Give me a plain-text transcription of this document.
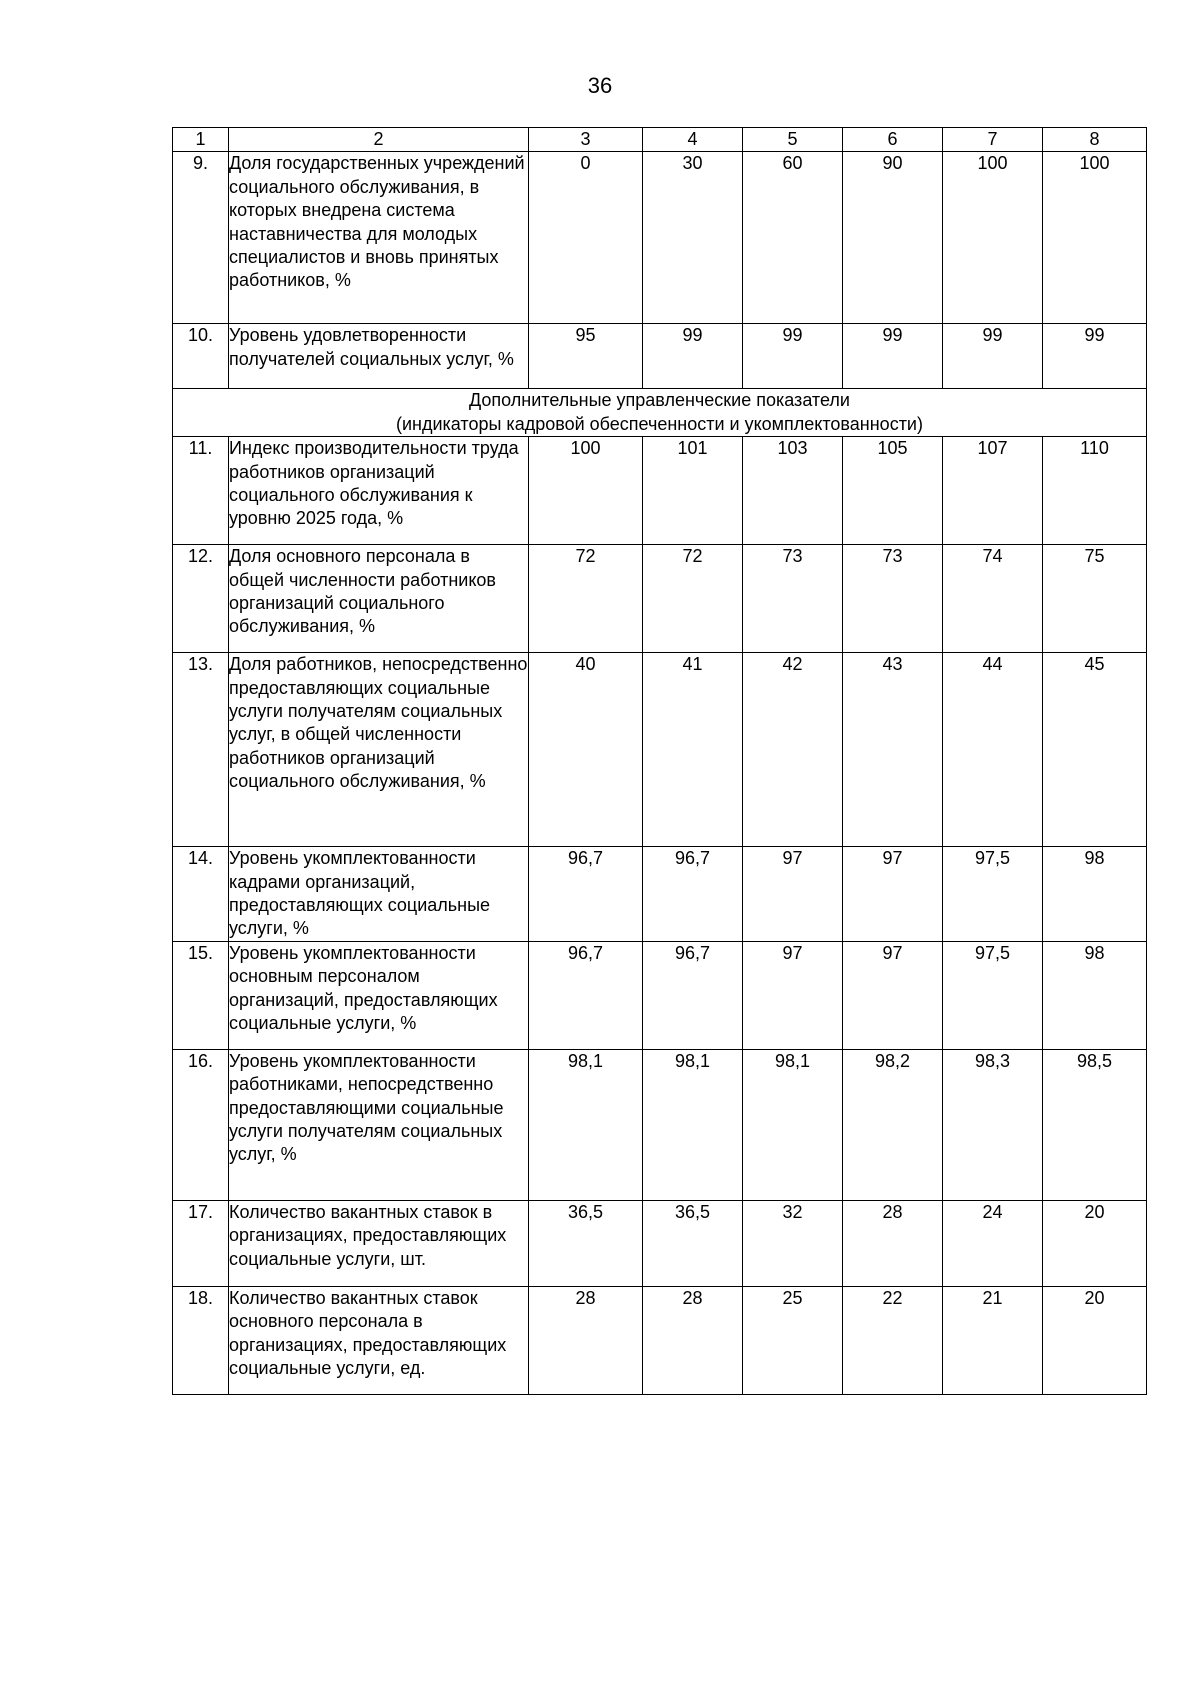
36
1	2	3	4	5	6	7	8
9.	Доля государственных учреждений социального обслуживания, в которых внедрена система наставничества для молодых специалистов и вновь принятых работников, %	0	30	60	90	100	100
10.	Уровень удовлетворенности получателей социальных услуг, %	95	99	99	99	99	99

Дополнительные управленческие показатели
(индикаторы кадровой обеспеченности и укомплектованности)							

11.	Индекс производительности труда работников организаций социального обслуживания к уровню 2025 года, %	100	101	103	105	107	110
12.	Доля основного персонала в общей численности работников организаций социального обслуживания, %	72	72	73	73	74	75
13.	Доля работников, непосредственно предоставляющих социальные услуги получателям социальных услуг, в общей численности работников организаций социального обслуживания, %	40	41	42	43	44	45
14.	Уровень укомплектованности кадрами организаций, предоставляющих социальные услуги, %	96,7	96,7	97	97	97,5	98
15.	Уровень укомплектованности основным персоналом организаций, предоставляющих социальные услуги, %	96,7	96,7	97	97	97,5	98
16.	Уровень укомплектованности работниками, непосредственно предоставляющими социальные услуги получателям социальных услуг, %	98,1	98,1	98,1	98,2	98,3	98,5
17.	Количество вакантных ставок в организациях, предоставляющих социальные услуги, шт.	36,5	36,5	32	28	24	20
18.	Количество вакантных ставок основного персонала в организациях, предоставляющих социальные услуги, ед.	28	28	25	22	21	20
